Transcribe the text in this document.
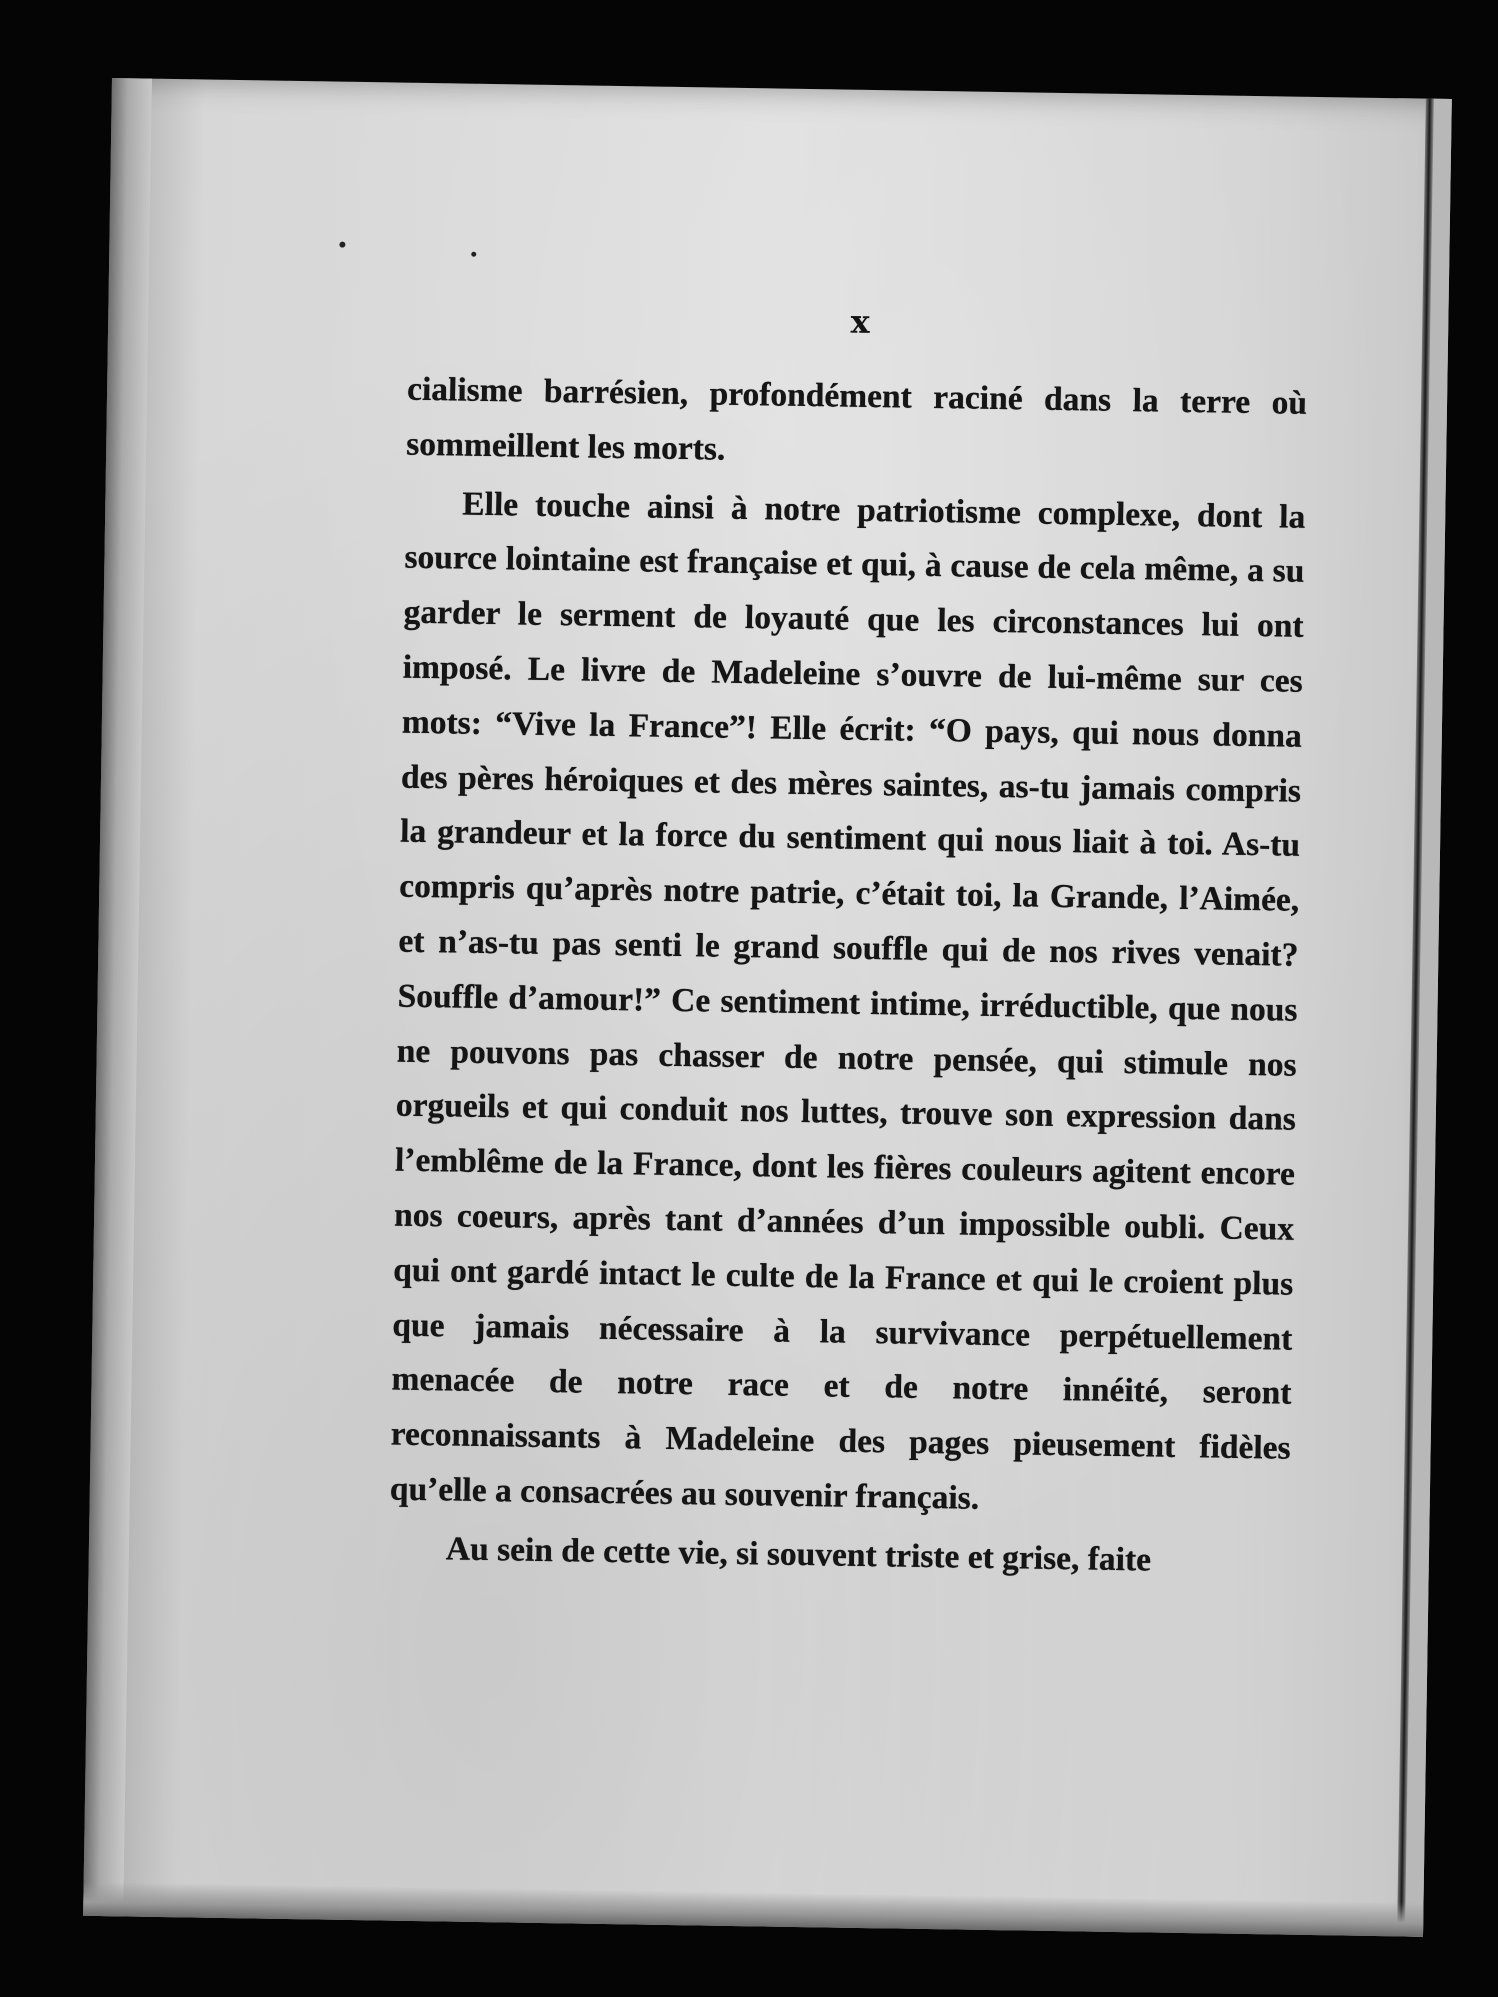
x

cialisme barrésien, profondément raciné dans la terre où sommeillent les morts.

Elle touche ainsi à notre patriotisme complexe, dont la source lointaine est française et qui, à cause de cela même, a su garder le serment de loyauté que les circonstances lui ont imposé. Le livre de Madeleine s’ouvre de lui-même sur ces mots: “Vive la France”! Elle écrit: “O pays, qui nous donna des pères héroiques et des mères saintes, as-tu jamais compris la grandeur et la force du sentiment qui nous liait à toi. As-tu compris qu’après notre patrie, c’était toi, la Grande, l’Aimée, et n’as-tu pas senti le grand souffle qui de nos rives venait? Souffle d’amour!” Ce sentiment intime, irréductible, que nous ne pouvons pas chasser de notre pensée, qui stimule nos orgueils et qui conduit nos luttes, trouve son expression dans l’emblême de la France, dont les fières couleurs agitent encore nos coeurs, après tant d’années d’un impossible oubli. Ceux qui ont gardé intact le culte de la France et qui le croient plus que jamais nécessaire à la survivance perpétuellement menacée de notre race et de notre innéité, seront reconnaissants à Madeleine des pages pieusement fidèles qu’elle a consacrées au souvenir français.

Au sein de cette vie, si souvent triste et grise, faite
